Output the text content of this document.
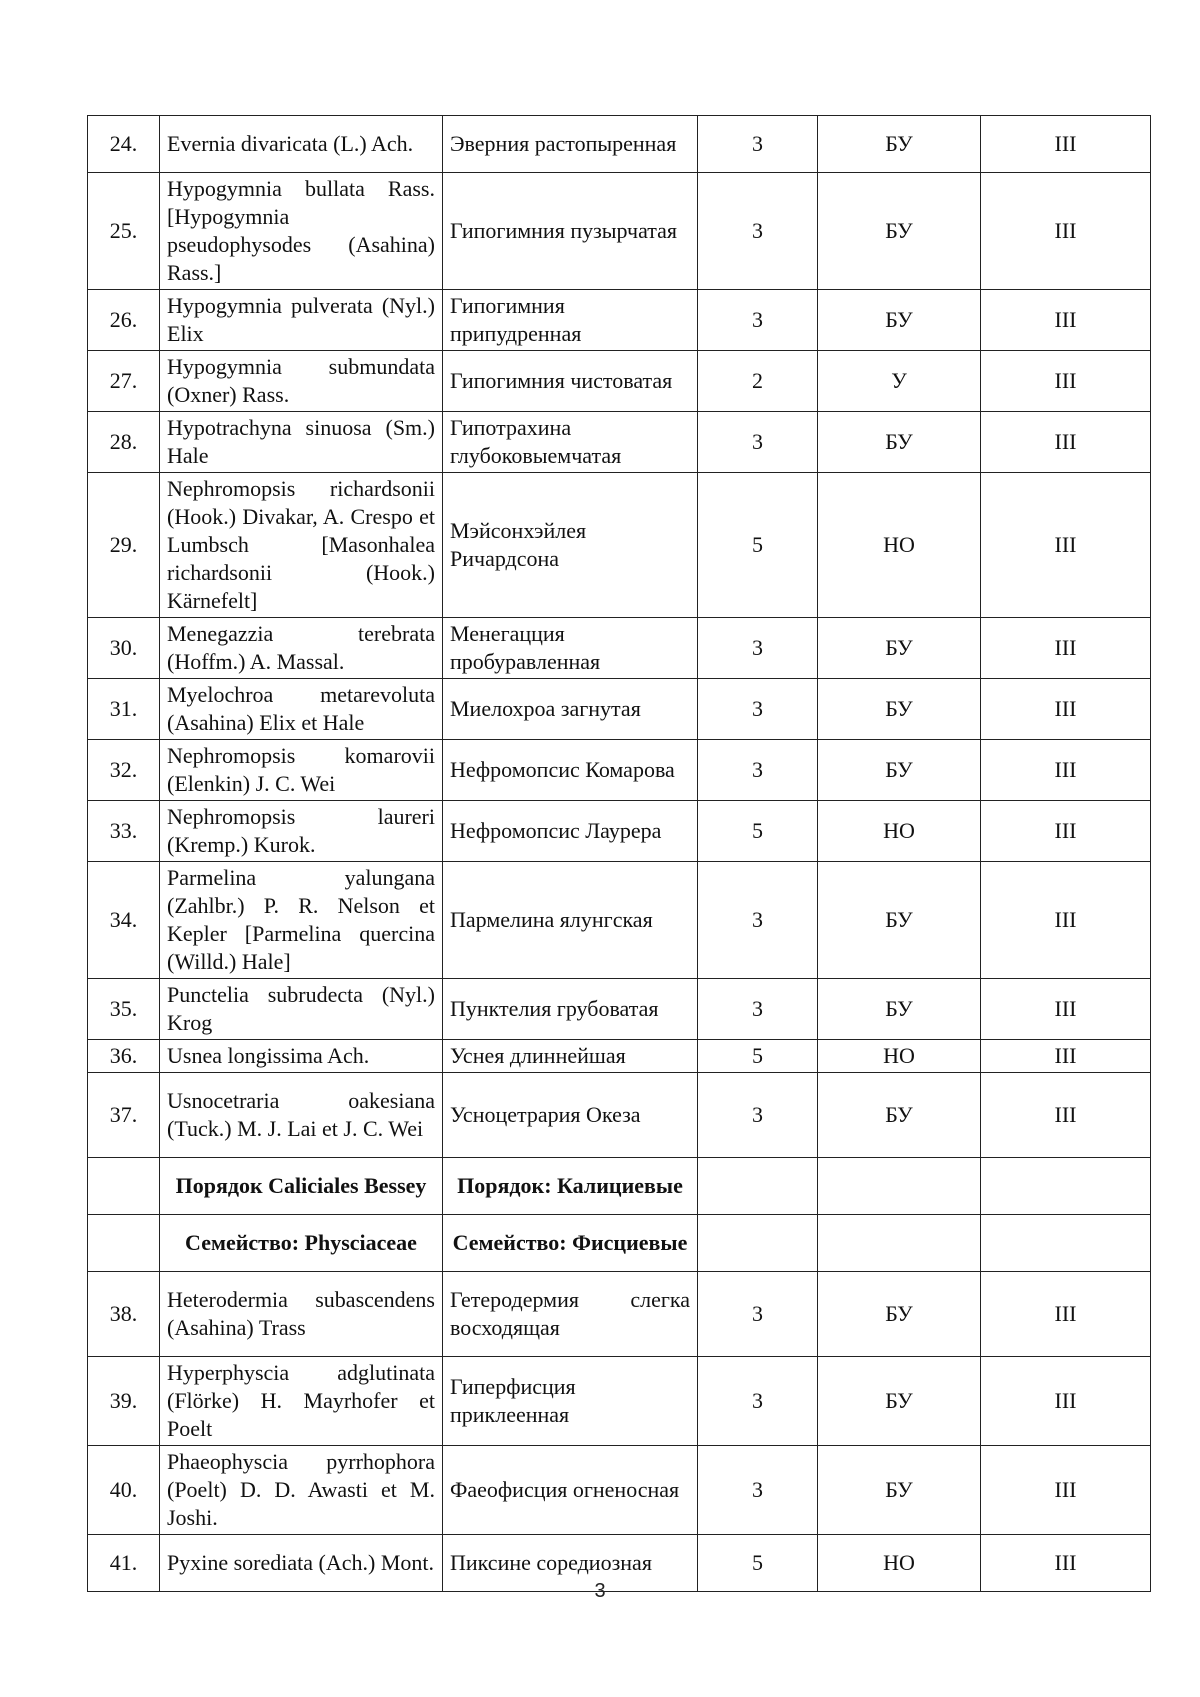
24.	Evernia divaricata (L.) Ach.	Эверния растопыренная	3	БУ	III
25.	Hypogymnia bullata Rass. [Hypogymnia pseudophysodes (Asahina) Rass.]	Гипогимния пузырчатая	3	БУ	III
26.	Hypogymnia pulverata (Nyl.) Elix	Гипогимния припудренная	3	БУ	III
27.	Hypogymnia submundata (Oxner) Rass.	Гипогимния чистоватая	2	У	III
28.	Hypotrachyna sinuosa (Sm.) Hale	Гипотрахина глубоковыемчатая	3	БУ	III
29.	Nephromopsis richardsonii (Hook.) Divakar, A. Crespo et Lumbsch [Masonhalea richardsonii (Hook.) Kärnefelt]	Мэйсонхэйлея Ричардсона	5	НО	III
30.	Menegazzia terebrata (Hoffm.) A. Massal.	Менегацция пробуравленная	3	БУ	III
31.	Myelochroa metarevoluta (Asahina) Elix et Hale	Миелохроа загнутая	3	БУ	III
32.	Nephromopsis komarovii (Elenkin) J. C. Wei	Нефромопсис Комарова	3	БУ	III
33.	Nephromopsis laureri (Kremp.) Kurok.	Нефромопсис Лаурера	5	НО	III
34.	Parmelina yalungana (Zahlbr.) P. R. Nelson et Kepler [Parmelina quercina (Willd.) Hale]	Пармелина ялунгская	3	БУ	III
35.	Punctelia subrudecta (Nyl.) Krog	Пунктелия грубоватая	3	БУ	III
36.	Usnea longissima Ach.	Уснея длиннейшая	5	НО	III
37.	Usnocetraria oakesiana (Tuck.) M. J. Lai et J. C. Wei	Усноцетрария Океза	3	БУ	III
	Порядок Caliciales Bessey	Порядок: Калициевые			
	Семейство: Physciaceae	Семейство: Фисциевые			
38.	Heterodermia subascendens (Asahina) Trass	Гетеродермия слегка восходящая	3	БУ	III
39.	Hyperphyscia adglutinata (Flörke) H. Mayrhofer et Poelt	Гиперфисция приклеенная	3	БУ	III
40.	Phaeophyscia pyrrhophora (Poelt) D. D. Awasti et M. Joshi.	Фаеофисция огненосная	3	БУ	III
41.	Pyxine sorediata (Ach.) Mont.	Пиксине соредиозная	5	НО	III
3
